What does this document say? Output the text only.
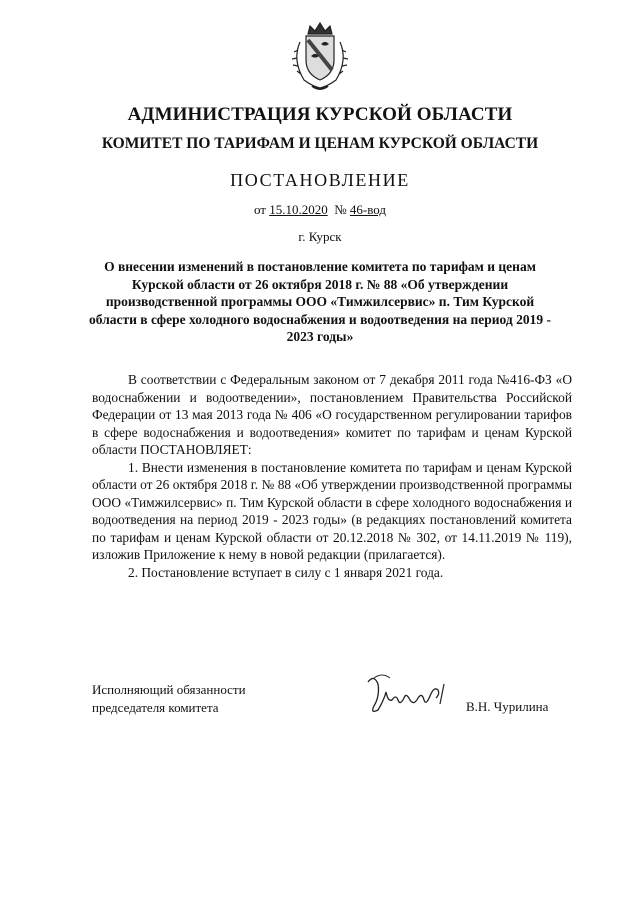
АДМИНИСТРАЦИЯ КУРСКОЙ ОБЛАСТИ
КОМИТЕТ ПО ТАРИФАМ И ЦЕНАМ КУРСКОЙ ОБЛАСТИ
ПОСТАНОВЛЕНИЕ
от 15.10.2020 № 46-вод
г. Курск
О внесении изменений в постановление комитета по тарифам и ценам Курской области от 26 октября 2018 г. № 88 «Об утверждении производственной программы ООО «Тимжилсервис» п. Тим Курской области в сфере холодного водоснабжения и водоотведения на период 2019 - 2023 годы»

В соответствии с Федеральным законом от 7 декабря 2011 года №416-ФЗ «О водоснабжении и водоотведении», постановлением Правительства Российской Федерации от 13 мая 2013 года № 406 «О государственном регулировании тарифов в сфере водоснабжения и водоотведения» комитет по тарифам и ценам Курской области ПОСТАНОВЛЯЕТ:

1. Внести изменения в постановление комитета по тарифам и ценам Курской области от 26 октября 2018 г. № 88 «Об утверждении производственной программы ООО «Тимжилсервис» п. Тим Курской области в сфере холодного водоснабжения и водоотведения на период 2019 - 2023 годы» (в редакциях постановлений комитета по тарифам и ценам Курской области от 20.12.2018 № 302, от 14.11.2019 № 119), изложив Приложение к нему в новой редакции (прилагается).

2. Постановление вступает в силу с 1 января 2021 года.

Исполняющий обязанности
председателя комитета	В.Н. Чурилина
